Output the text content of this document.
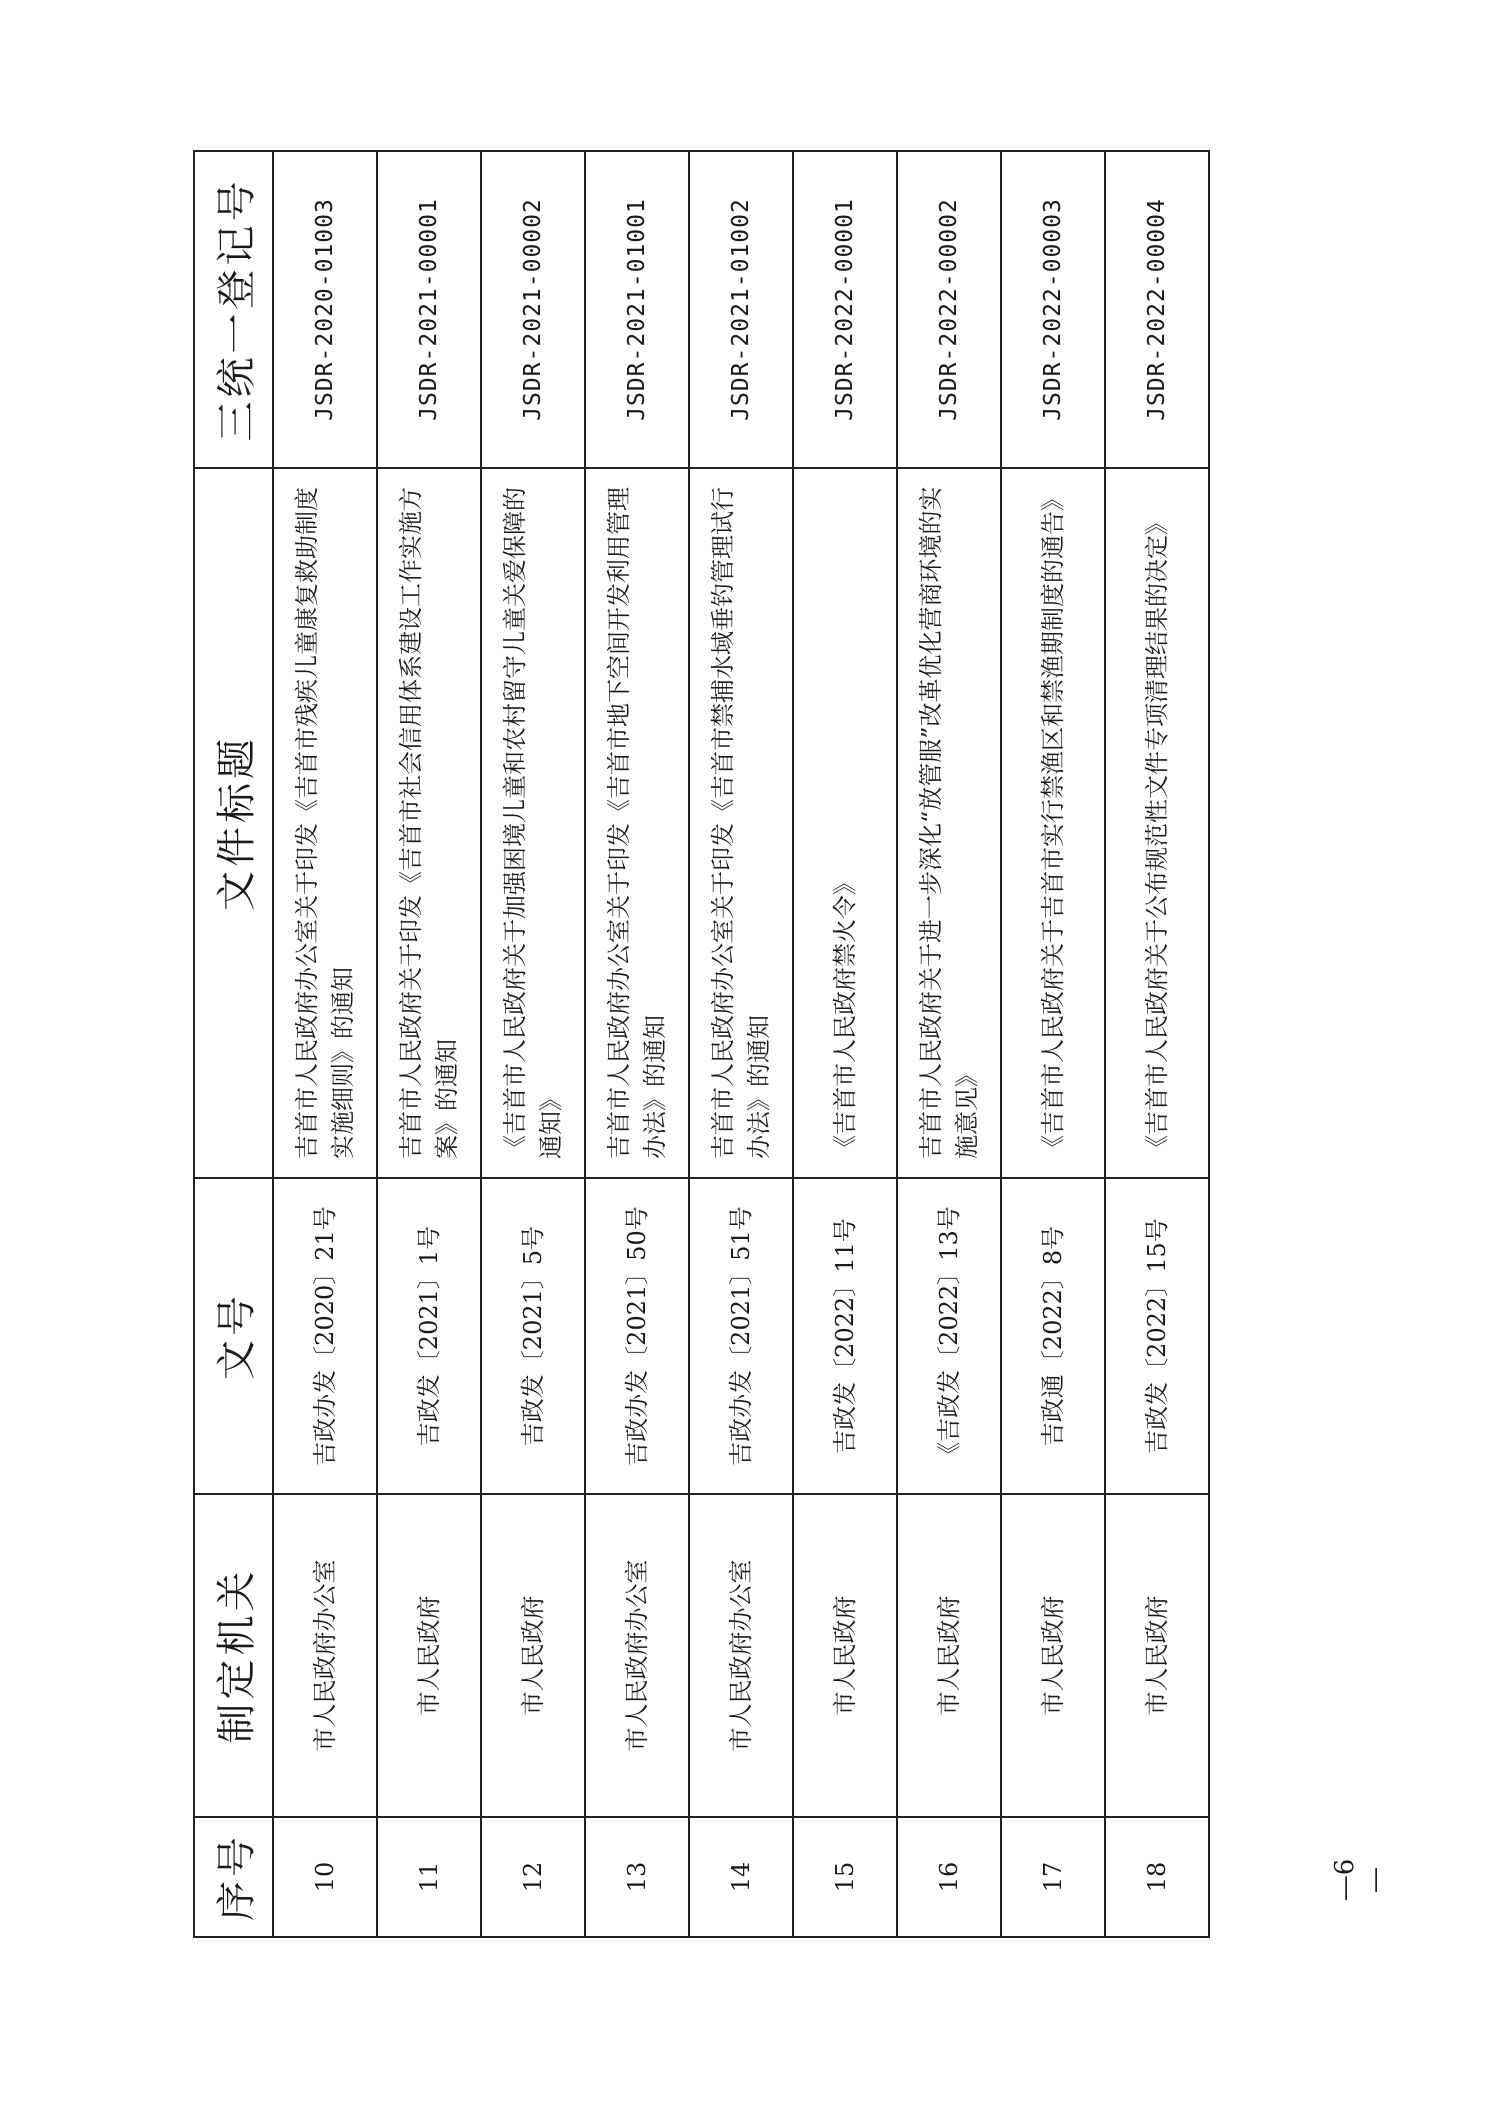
序号	制定机关	文号	文件标题	三统一登记号
10	市人民政府办公室	吉政办发〔2020〕21号	吉首市人民政府办公室关于印发《吉首市残疾儿童康复救助制度实施细则》的通知	JSDR-2020-01003
11	市人民政府	吉政发〔2021〕1号	吉首市人民政府关于印发《吉首市社会信用体系建设工作实施方案》的通知	JSDR-2021-00001
12	市人民政府	吉政发〔2021〕5号	《吉首市人民政府关于加强困境儿童和农村留守儿童关爱保障的通知》	JSDR-2021-00002
13	市人民政府办公室	吉政办发〔2021〕50号	吉首市人民政府办公室关于印发《吉首市地下空间开发利用管理办法》的通知	JSDR-2021-01001
14	市人民政府办公室	吉政办发〔2021〕51号	吉首市人民政府办公室关于印发《吉首市禁捕水域垂钓管理试行办法》的通知	JSDR-2021-01002
15	市人民政府	吉政发〔2022〕11号	《吉首市人民政府禁火令》	JSDR-2022-00001
16	市人民政府	《吉政发〔2022〕13号	吉首市人民政府关于进一步深化“放管服”改革优化营商环境的实施意见》	JSDR-2022-00002
17	市人民政府	吉政通〔2022〕8号	《吉首市人民政府关于吉首市实行禁渔区和禁渔期制度的通告》	JSDR-2022-00003
18	市人民政府	吉政发〔2022〕15号	《吉首市人民政府关于公布规范性文件专项清理结果的决定》	JSDR-2022-00004
—6—
